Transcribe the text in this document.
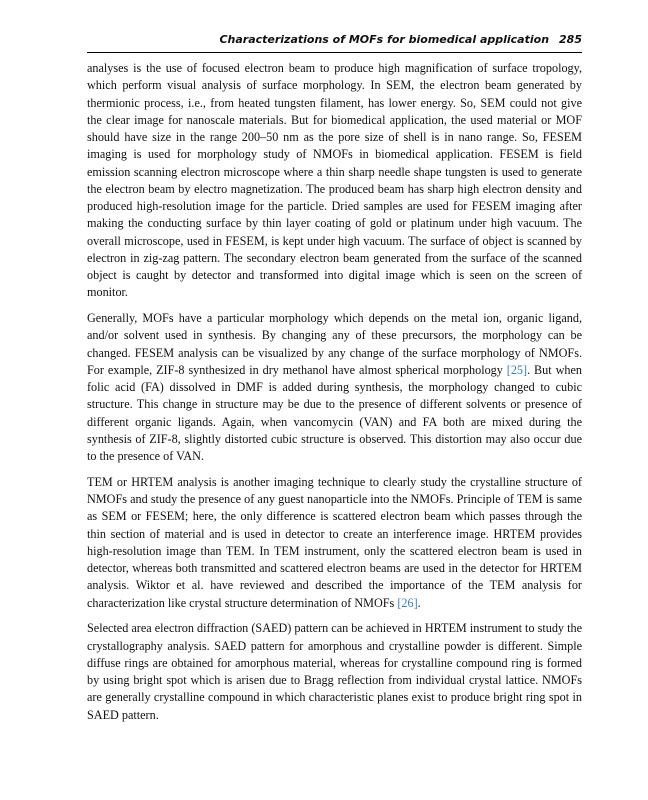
Characterizations of MOFs for biomedical application 285

analyses is the use of focused electron beam to produce high magnification of surface tropology, which perform visual analysis of surface morphology. In SEM, the electron beam generated by thermionic process, i.e., from heated tungsten filament, has lower energy. So, SEM could not give the clear image for nanoscale materials. But for biomedical application, the used material or MOF should have size in the range 200–50 nm as the pore size of shell is in nano range. So, FESEM imaging is used for morphology study of NMOFs in biomedical application. FESEM is field emission scanning electron microscope where a thin sharp needle shape tungsten is used to generate the electron beam by electro magnetization. The produced beam has sharp high electron density and produced high-resolution image for the particle. Dried samples are used for FESEM imaging after making the conducting surface by thin layer coating of gold or platinum under high vacuum. The overall microscope, used in FESEM, is kept under high vacuum. The surface of object is scanned by electron in zig-zag pattern. The secondary electron beam generated from the surface of the scanned object is caught by detector and transformed into digital image which is seen on the screen of monitor.

Generally, MOFs have a particular morphology which depends on the metal ion, organic ligand, and/or solvent used in synthesis. By changing any of these precursors, the morphology can be changed. FESEM analysis can be visualized by any change of the surface morphology of NMOFs. For example, ZIF-8 synthesized in dry methanol have almost spherical morphology [25]. But when folic acid (FA) dissolved in DMF is added during synthesis, the morphology changed to cubic structure. This change in structure may be due to the presence of different solvents or presence of different organic ligands. Again, when vancomycin (VAN) and FA both are mixed during the synthesis of ZIF-8, slightly distorted cubic structure is observed. This distortion may also occur due to the presence of VAN.

TEM or HRTEM analysis is another imaging technique to clearly study the crystalline structure of NMOFs and study the presence of any guest nanoparticle into the NMOFs. Principle of TEM is same as SEM or FESEM; here, the only difference is scattered electron beam which passes through the thin section of material and is used in detector to create an interference image. HRTEM provides high-resolution image than TEM. In TEM instrument, only the scattered electron beam is used in detector, whereas both transmitted and scattered electron beams are used in the detector for HRTEM analysis. Wiktor et al. have reviewed and described the importance of the TEM analysis for characterization like crystal structure determination of NMOFs [26].

Selected area electron diffraction (SAED) pattern can be achieved in HRTEM instrument to study the crystallography analysis. SAED pattern for amorphous and crystalline powder is different. Simple diffuse rings are obtained for amorphous material, whereas for crystalline compound ring is formed by using bright spot which is arisen due to Bragg reflection from individual crystal lattice. NMOFs are generally crystalline compound in which characteristic planes exist to produce bright ring spot in SAED pattern.
